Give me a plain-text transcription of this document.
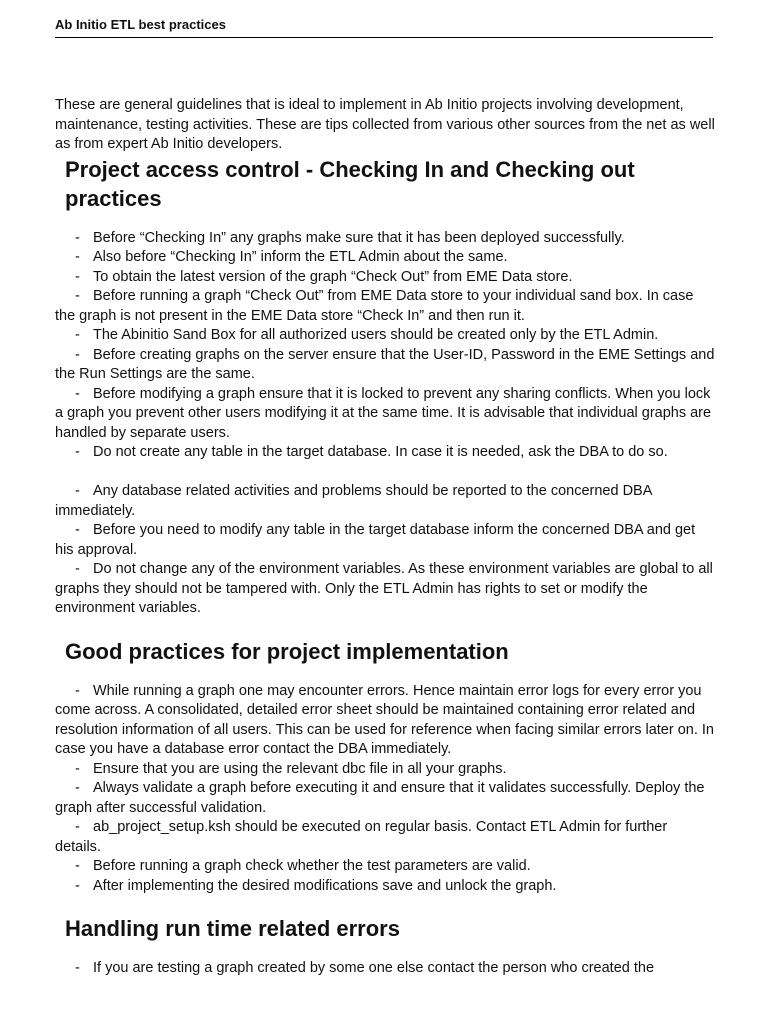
Ab Initio ETL best practices

These are general guidelines that is ideal to implement in Ab Initio projects involving development, maintenance, testing activities. These are tips collected from various other sources from the net as well as from expert Ab Initio developers.

Project access control - Checking In and Checking out practices

- Before “Checking In” any graphs make sure that it has been deployed successfully.

- Also before “Checking In” inform the ETL Admin about the same.

- To obtain the latest version of the graph “Check Out” from EME Data store.

- Before running a graph “Check Out” from EME Data store to your individual sand box. In case the graph is not present in the EME Data store “Check In” and then run it.

- The Abinitio Sand Box for all authorized users should be created only by the ETL Admin.

- Before creating graphs on the server ensure that the User-ID, Password in the EME Settings and the Run Settings are the same.

- Before modifying a graph ensure that it is locked to prevent any sharing conflicts. When you lock a graph you prevent other users modifying it at the same time. It is advisable that individual graphs are handled by separate users.

- Do not create any table in the target database. In case it is needed, ask the DBA to do so.

- Any database related activities and problems should be reported to the concerned DBA immediately.

- Before you need to modify any table in the target database inform the concerned DBA and get his approval.

- Do not change any of the environment variables. As these environment variables are global to all graphs they should not be tampered with. Only the ETL Admin has rights to set or modify the environment variables.

Good practices for project implementation

- While running a graph one may encounter errors. Hence maintain error logs for every error you come across. A consolidated, detailed error sheet should be maintained containing error related and resolution information of all users. This can be used for reference when facing similar errors later on. In case you have a database error contact the DBA immediately.

- Ensure that you are using the relevant dbc file in all your graphs.

- Always validate a graph before executing it and ensure that it validates successfully. Deploy the graph after successful validation.

- ab_project_setup.ksh should be executed on regular basis. Contact ETL Admin for further details.

- Before running a graph check whether the test parameters are valid.

- After implementing the desired modifications save and unlock the graph.

Handling run time related errors

- If you are testing a graph created by some one else contact the person who created the
